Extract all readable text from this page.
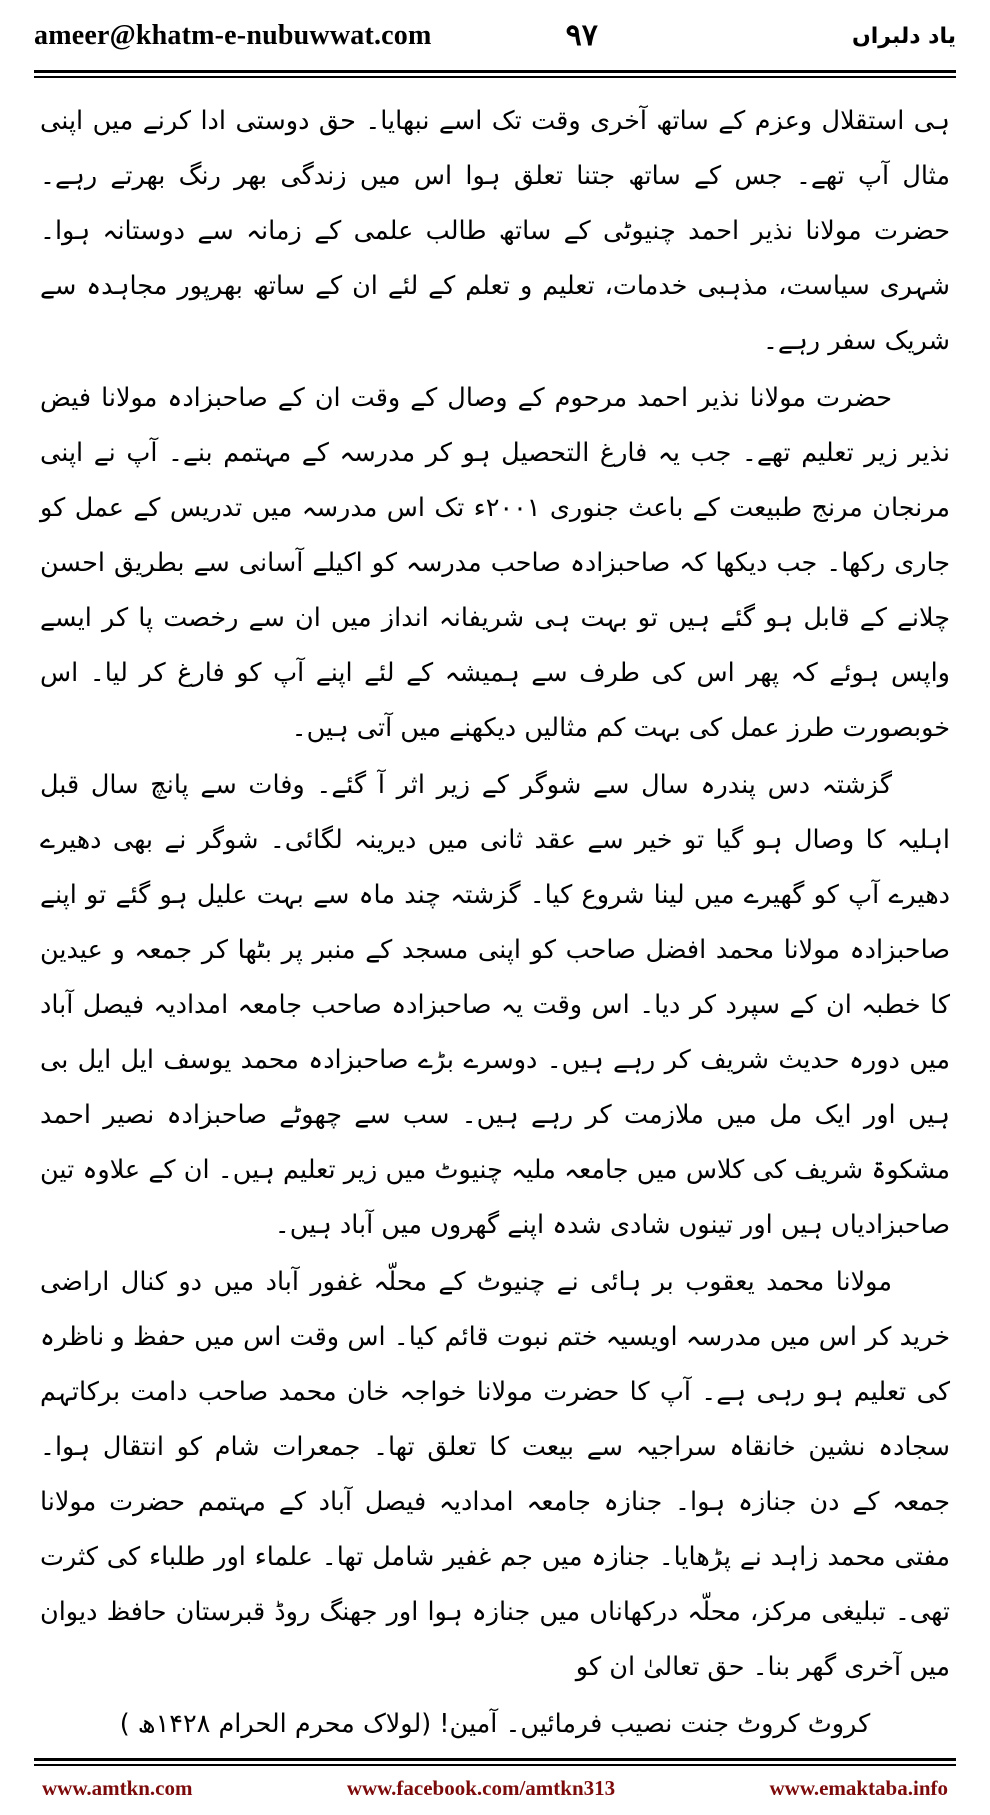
ameer@khatm-e-nubuwwat.com	۹۷	یاد دلبراں

ہی استقلال وعزم کے ساتھ آخری وقت تک اسے نبھایا۔ حق دوستی ادا کرنے میں اپنی مثال آپ تھے۔ جس کے ساتھ جتنا تعلق ہوا اس میں زندگی بھر رنگ بھرتے رہے۔ حضرت مولانا نذیر احمد چنیوٹی کے ساتھ طالب علمی کے زمانہ سے دوستانہ ہوا۔ شہری سیاست، مذہبی خدمات، تعلیم و تعلم کے لئے ان کے ساتھ بھرپور مجاہدہ سے شریک سفر رہے۔

حضرت مولانا نذیر احمد مرحوم کے وصال کے وقت ان کے صاحبزادہ مولانا فیض نذیر زیر تعلیم تھے۔ جب یہ فارغ التحصیل ہو کر مدرسہ کے مہتمم بنے۔ آپ نے اپنی مرنجان مرنج طبیعت کے باعث جنوری ۲۰۰۱ء تک اس مدرسہ میں تدریس کے عمل کو جاری رکھا۔ جب دیکھا کہ صاحبزادہ صاحب مدرسہ کو اکیلے آسانی سے بطریق احسن چلانے کے قابل ہو گئے ہیں تو بہت ہی شریفانہ انداز میں ان سے رخصت پا کر ایسے واپس ہوئے کہ پھر اس کی طرف سے ہمیشہ کے لئے اپنے آپ کو فارغ کر لیا۔ اس خوبصورت طرز عمل کی بہت کم مثالیں دیکھنے میں آتی ہیں۔

گزشتہ دس پندرہ سال سے شوگر کے زیر اثر آ گئے۔ وفات سے پانچ سال قبل اہلیہ کا وصال ہو گیا تو خیر سے عقد ثانی میں دیرینہ لگائی۔ شوگر نے بھی دھیرے دھیرے آپ کو گھیرے میں لینا شروع کیا۔ گزشتہ چند ماہ سے بہت علیل ہو گئے تو اپنے صاحبزادہ مولانا محمد افضل صاحب کو اپنی مسجد کے منبر پر بٹھا کر جمعہ و عیدین کا خطبہ ان کے سپرد کر دیا۔ اس وقت یہ صاحبزادہ صاحب جامعہ امدادیہ فیصل آباد میں دورہ حدیث شریف کر رہے ہیں۔ دوسرے بڑے صاحبزادہ محمد یوسف ایل ایل بی ہیں اور ایک مل میں ملازمت کر رہے ہیں۔ سب سے چھوٹے صاحبزادہ نصیر احمد مشکوۃ شریف کی کلاس میں جامعہ ملیہ چنیوٹ میں زیر تعلیم ہیں۔ ان کے علاوہ تین صاحبزادیاں ہیں اور تینوں شادی شدہ اپنے گھروں میں آباد ہیں۔

مولانا محمد یعقوب بر ہائی نے چنیوٹ کے محلّہ غفور آباد میں دو کنال اراضی خرید کر اس میں مدرسہ اویسیہ ختم نبوت قائم کیا۔ اس وقت اس میں حفظ و ناظرہ کی تعلیم ہو رہی ہے۔ آپ کا حضرت مولانا خواجہ خان محمد صاحب دامت برکاتہم سجادہ نشین خانقاہ سراجیہ سے بیعت کا تعلق تھا۔ جمعرات شام کو انتقال ہوا۔ جمعہ کے دن جنازہ ہوا۔ جنازہ جامعہ امدادیہ فیصل آباد کے مہتمم حضرت مولانا مفتی محمد زاہد نے پڑھایا۔ جنازہ میں جم غفیر شامل تھا۔ علماء اور طلباء کی کثرت تھی۔ تبلیغی مرکز، محلّہ درکھاناں میں جنازہ ہوا اور جھنگ روڈ قبرستان حافظ دیوان میں آخری گھر بنا۔ حق تعالیٰ ان کو

کروٹ کروٹ جنت نصیب فرمائیں۔ آمین! (لولاک محرم الحرام ۱۴۲۸ھ )

www.amtkn.com	www.facebook.com/amtkn313	www.emaktaba.info
